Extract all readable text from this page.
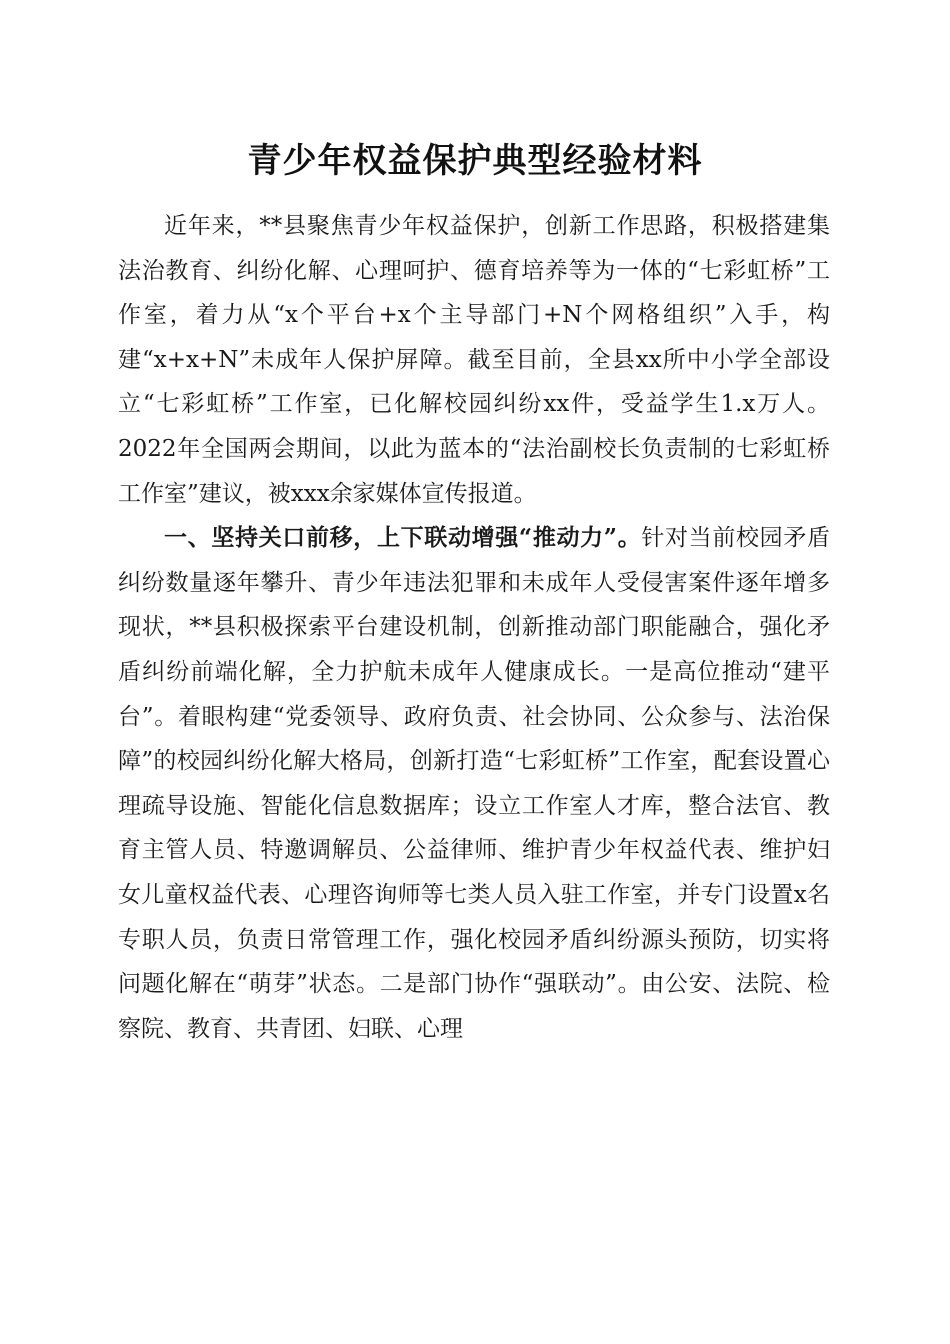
青少年权益保护典型经验材料

近年来，**县聚焦青少年权益保护，创新工作思路，积极搭建集法治教育、纠纷化解、心理呵护、德育培养等为一体的“七彩虹桥”工作室，着力从“x个平台+x个主导部门+N个网格组织”入手，构建“x+x+N”未成年人保护屏障。截至目前，全县xx所中小学全部设立“七彩虹桥”工作室，已化解校园纠纷xx件，受益学生1.x万人。2022年全国两会期间，以此为蓝本的“法治副校长负责制的七彩虹桥工作室”建议，被xxx余家媒体宣传报道。

一、坚持关口前移，上下联动增强“推动力”。针对当前校园矛盾纠纷数量逐年攀升、青少年违法犯罪和未成年人受侵害案件逐年增多现状，**县积极探索平台建设机制，创新推动部门职能融合，强化矛盾纠纷前端化解，全力护航未成年人健康成长。一是高位推动“建平台”。着眼构建“党委领导、政府负责、社会协同、公众参与、法治保障”的校园纠纷化解大格局，创新打造“七彩虹桥”工作室，配套设置心理疏导设施、智能化信息数据库；设立工作室人才库，整合法官、教育主管人员、特邀调解员、公益律师、维护青少年权益代表、维护妇女儿童权益代表、心理咨询师等七类人员入驻工作室，并专门设置x名专职人员，负责日常管理工作，强化校园矛盾纠纷源头预防，切实将问题化解在“萌芽”状态。二是部门协作“强联动”。由公安、法院、检察院、教育、共青团、妇联、心理
